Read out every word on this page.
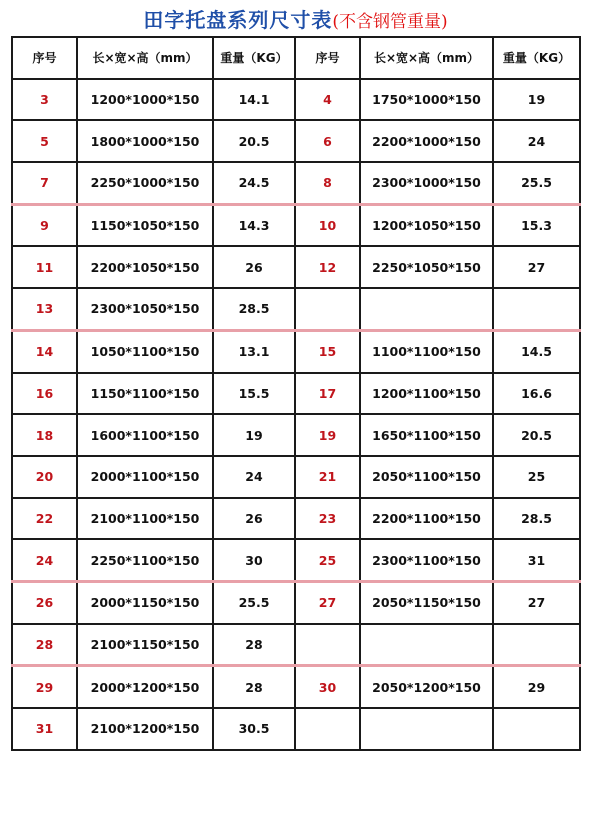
田字托盘系列尺寸表(不含钢管重量)
序号	长×宽×高（mm）	重量（KG）	序号	长×宽×高（mm）	重量（KG）
3	1200*1000*150	14.1	4	1750*1000*150	19
5	1800*1000*150	20.5	6	2200*1000*150	24
7	2250*1000*150	24.5	8	2300*1000*150	25.5
9	1150*1050*150	14.3	10	1200*1050*150	15.3
11	2200*1050*150	26	12	2250*1050*150	27
13	2300*1050*150	28.5			
14	1050*1100*150	13.1	15	1100*1100*150	14.5
16	1150*1100*150	15.5	17	1200*1100*150	16.6
18	1600*1100*150	19	19	1650*1100*150	20.5
20	2000*1100*150	24	21	2050*1100*150	25
22	2100*1100*150	26	23	2200*1100*150	28.5
24	2250*1100*150	30	25	2300*1100*150	31
26	2000*1150*150	25.5	27	2050*1150*150	27
28	2100*1150*150	28			
29	2000*1200*150	28	30	2050*1200*150	29
31	2100*1200*150	30.5			
